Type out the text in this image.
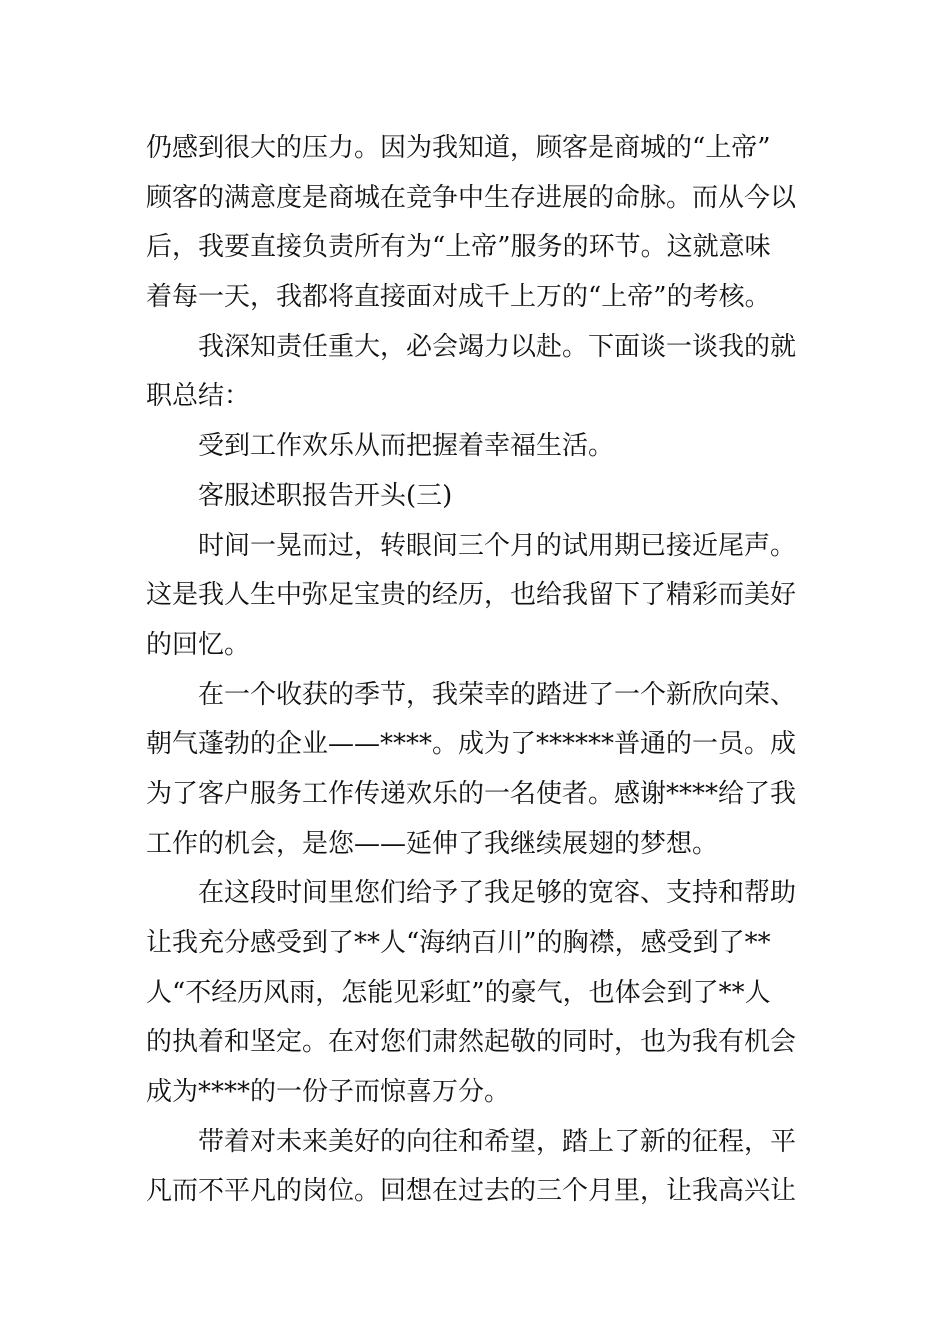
仍感到很大的压力。因为我知道，顾客是商城的“上帝”
顾客的满意度是商城在竞争中生存进展的命脉。而从今以
后，我要直接负责所有为“上帝”服务的环节。这就意味
着每一天，我都将直接面对成千上万的“上帝”的考核。
我深知责任重大，必会竭力以赴。下面谈一谈我的就
职总结：
受到工作欢乐从而把握着幸福生活。
客服述职报告开头(三)
时间一晃而过，转眼间三个月的试用期已接近尾声。
这是我人生中弥足宝贵的经历，也给我留下了精彩而美好
的回忆。
在一个收获的季节，我荣幸的踏进了一个新欣向荣、
朝气蓬勃的企业——****。成为了******普通的一员。成
为了客户服务工作传递欢乐的一名使者。感谢****给了我
工作的机会，是您——延伸了我继续展翅的梦想。
在这段时间里您们给予了我足够的宽容、支持和帮助
让我充分感受到了**人“海纳百川”的胸襟，感受到了**
人“不经历风雨，怎能见彩虹”的豪气，也体会到了**人
的执着和坚定。在对您们肃然起敬的同时，也为我有机会
成为****的一份子而惊喜万分。
带着对未来美好的向往和希望，踏上了新的征程，平
凡而不平凡的岗位。回想在过去的三个月里，让我高兴让
